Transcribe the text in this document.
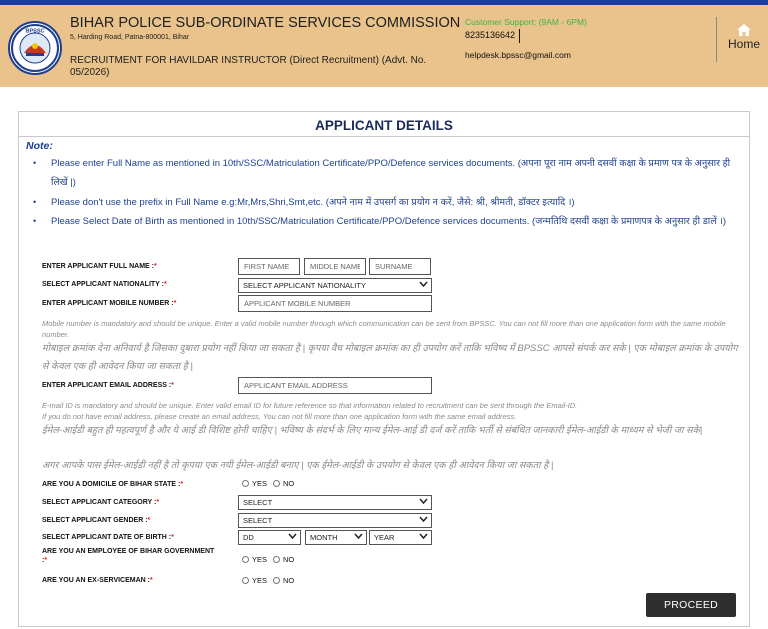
BPSSC
BIHAR POLICE SUB-ORDINATE SERVICES COMMISSION
5, Harding Road, Patna-800001, Bihar
RECRUITMENT FOR HAVILDAR INSTRUCTOR (Direct Recruitment) (Advt. No. 05/2026)
Customer Support: (9AM - 6PM)
8235136642
helpdesk.bpssc@gmail.com
Home
APPLICANT DETAILS
Note:
• Please enter Full Name as mentioned in 10th/SSC/Matriculation Certificate/PPO/Defence services documents. (अपना पूरा नाम अपनी दसवीं कक्षा के प्रमाण पत्र के अनुसार ही लिखें |)
• Please don't use the prefix in Full Name e.g:Mr,Mrs,Shri,Smt,etc. (अपने नाम में उपसर्ग का प्रयोग न करें, जैसे: श्री, श्रीमती, डॉक्टर इत्यादि ।)
• Please Select Date of Birth as mentioned in 10th/SSC/Matriculation Certificate/PPO/Defence services documents. (जन्मतिथि दसवीं कक्षा के प्रमाणपत्र के अनुसार ही डालें ।)
ENTER APPLICANT FULL NAME :*
FIRST NAME
MIDDLE NAME
SURNAME
SELECT APPLICANT NATIONALITY :*	SELECT APPLICANT NATIONALITY
ENTER APPLICANT MOBILE NUMBER :*
APPLICANT MOBILE NUMBER
Mobile number is mandatory and should be unique. Enter a valid mobile number through which communication can be sent from BPSSC. You can not fill more than one application form with the same mobile number.
मोबाइल क्रमांक देना अनिवार्य है जिसका दुबारा प्रयोग नहीं किया जा सकता है | कृपया वैध मोबाइल क्रमांक का ही उपयोग करें ताकि भविष्य में BPSSC आपसे संपर्क कर सके | एक मोबाइल क्रमांक के उपयोग से केवल एक ही आवेदन किया जा सकता है |
ENTER APPLICANT EMAIL ADDRESS :*
APPLICANT EMAIL ADDRESS
E-mail ID is mandatory and should be unique. Enter valid email ID for future reference so that information related to recruitment can be sent through the Email-ID.
If you do not have email address, please create an email address, You can not fill more than one application form with the same email address.
ईमेल-आईडी बहुत ही महत्वपूर्ण है और ये आई डी विशिष्ट होनी चाहिए | भविष्य के संदर्भ के लिए मान्य ईमेल-आई डी दर्ज करें ताकि भर्ती से संबंधित जानकारी ईमेल-आईडी के माध्यम से भेजी जा सके|
अगर आपके पास ईमेल-आईडी नहीं है तो कृपया एक नयी ईमेल-आईडी बनाए | एक ईमेल-आईडी के उपयोग से केवल एक ही आवेदन किया जा सकता है |
ARE YOU A DOMICILE OF BIHAR STATE :*	YES NO
SELECT APPLICANT CATEGORY :*	SELECT
SELECT APPLICANT GENDER :*	SELECT
SELECT APPLICANT DATE OF BIRTH :*	DD	MONTH	YEAR
ARE YOU AN EMPLOYEE OF BIHAR GOVERNMENT
:*	YES NO
ARE YOU AN EX-SERVICEMAN :*	YES NO
PROCEED
